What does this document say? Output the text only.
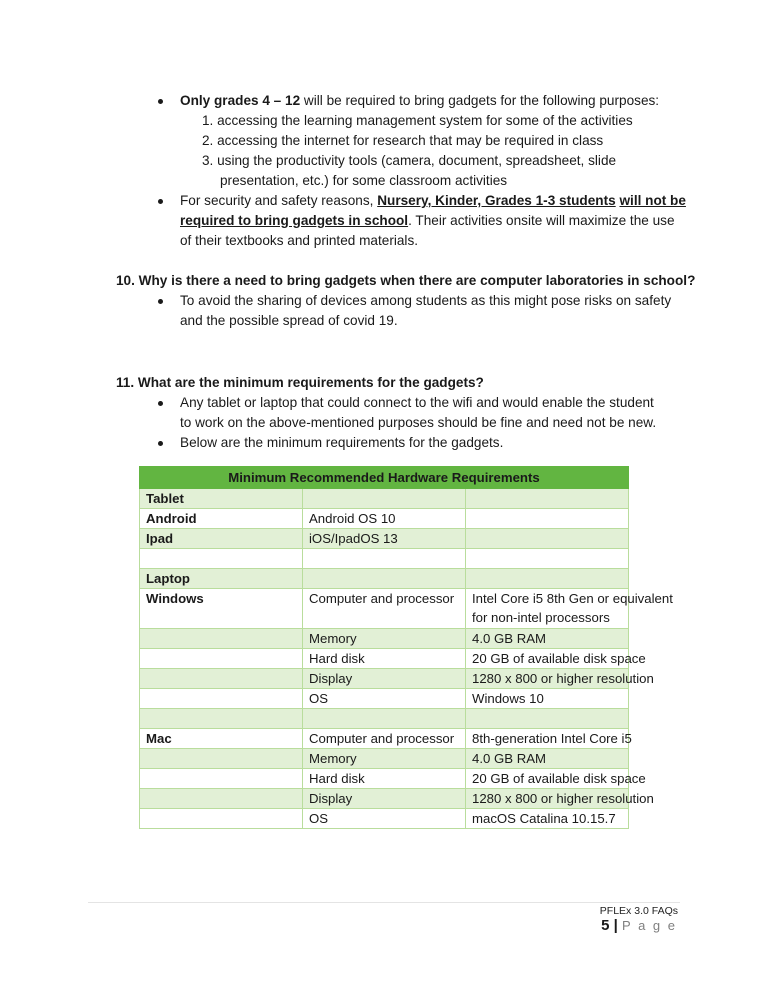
Only grades 4 – 12 will be required to bring gadgets for the following purposes:
1. accessing the learning management system for some of the activities
2. accessing the internet for research that may be required in class
3. using the productivity tools (camera, document, spreadsheet, slide
presentation, etc.) for some classroom activities
For security and safety reasons, Nursery, Kinder, Grades 1-3 students will not be
required to bring gadgets in school. Their activities onsite will maximize the use
of their textbooks and printed materials.
10. Why is there a need to bring gadgets when there are computer laboratories in school?
To avoid the sharing of devices among students as this might pose risks on safety
and the possible spread of covid 19.
11. What are the minimum requirements for the gadgets?
Any tablet or laptop that could connect to the wifi and would enable the student
to work on the above-mentioned purposes should be fine and need not be new.
Below are the minimum requirements for the gadgets.
Minimum Recommended Hardware Requirements		
Tablet		
Android	Android OS 10	
Ipad	iOS/IpadOS 13	

Laptop		
Windows	Computer and processor	Intel Core i5 8th Gen or equivalent
for non-intel processors

	Memory	4.0 GB RAM
	Hard disk	20 GB of available disk space
	Display	1280 x 800 or higher resolution
	OS	Windows 10

Mac	Computer and processor	8th-generation Intel Core i5
	Memory	4.0 GB RAM
	Hard disk	20 GB of available disk space
	Display	1280 x 800 or higher resolution
	OS	macOS Catalina 10.15.7
PFLEx 3.0 FAQs
5 | P a g e
